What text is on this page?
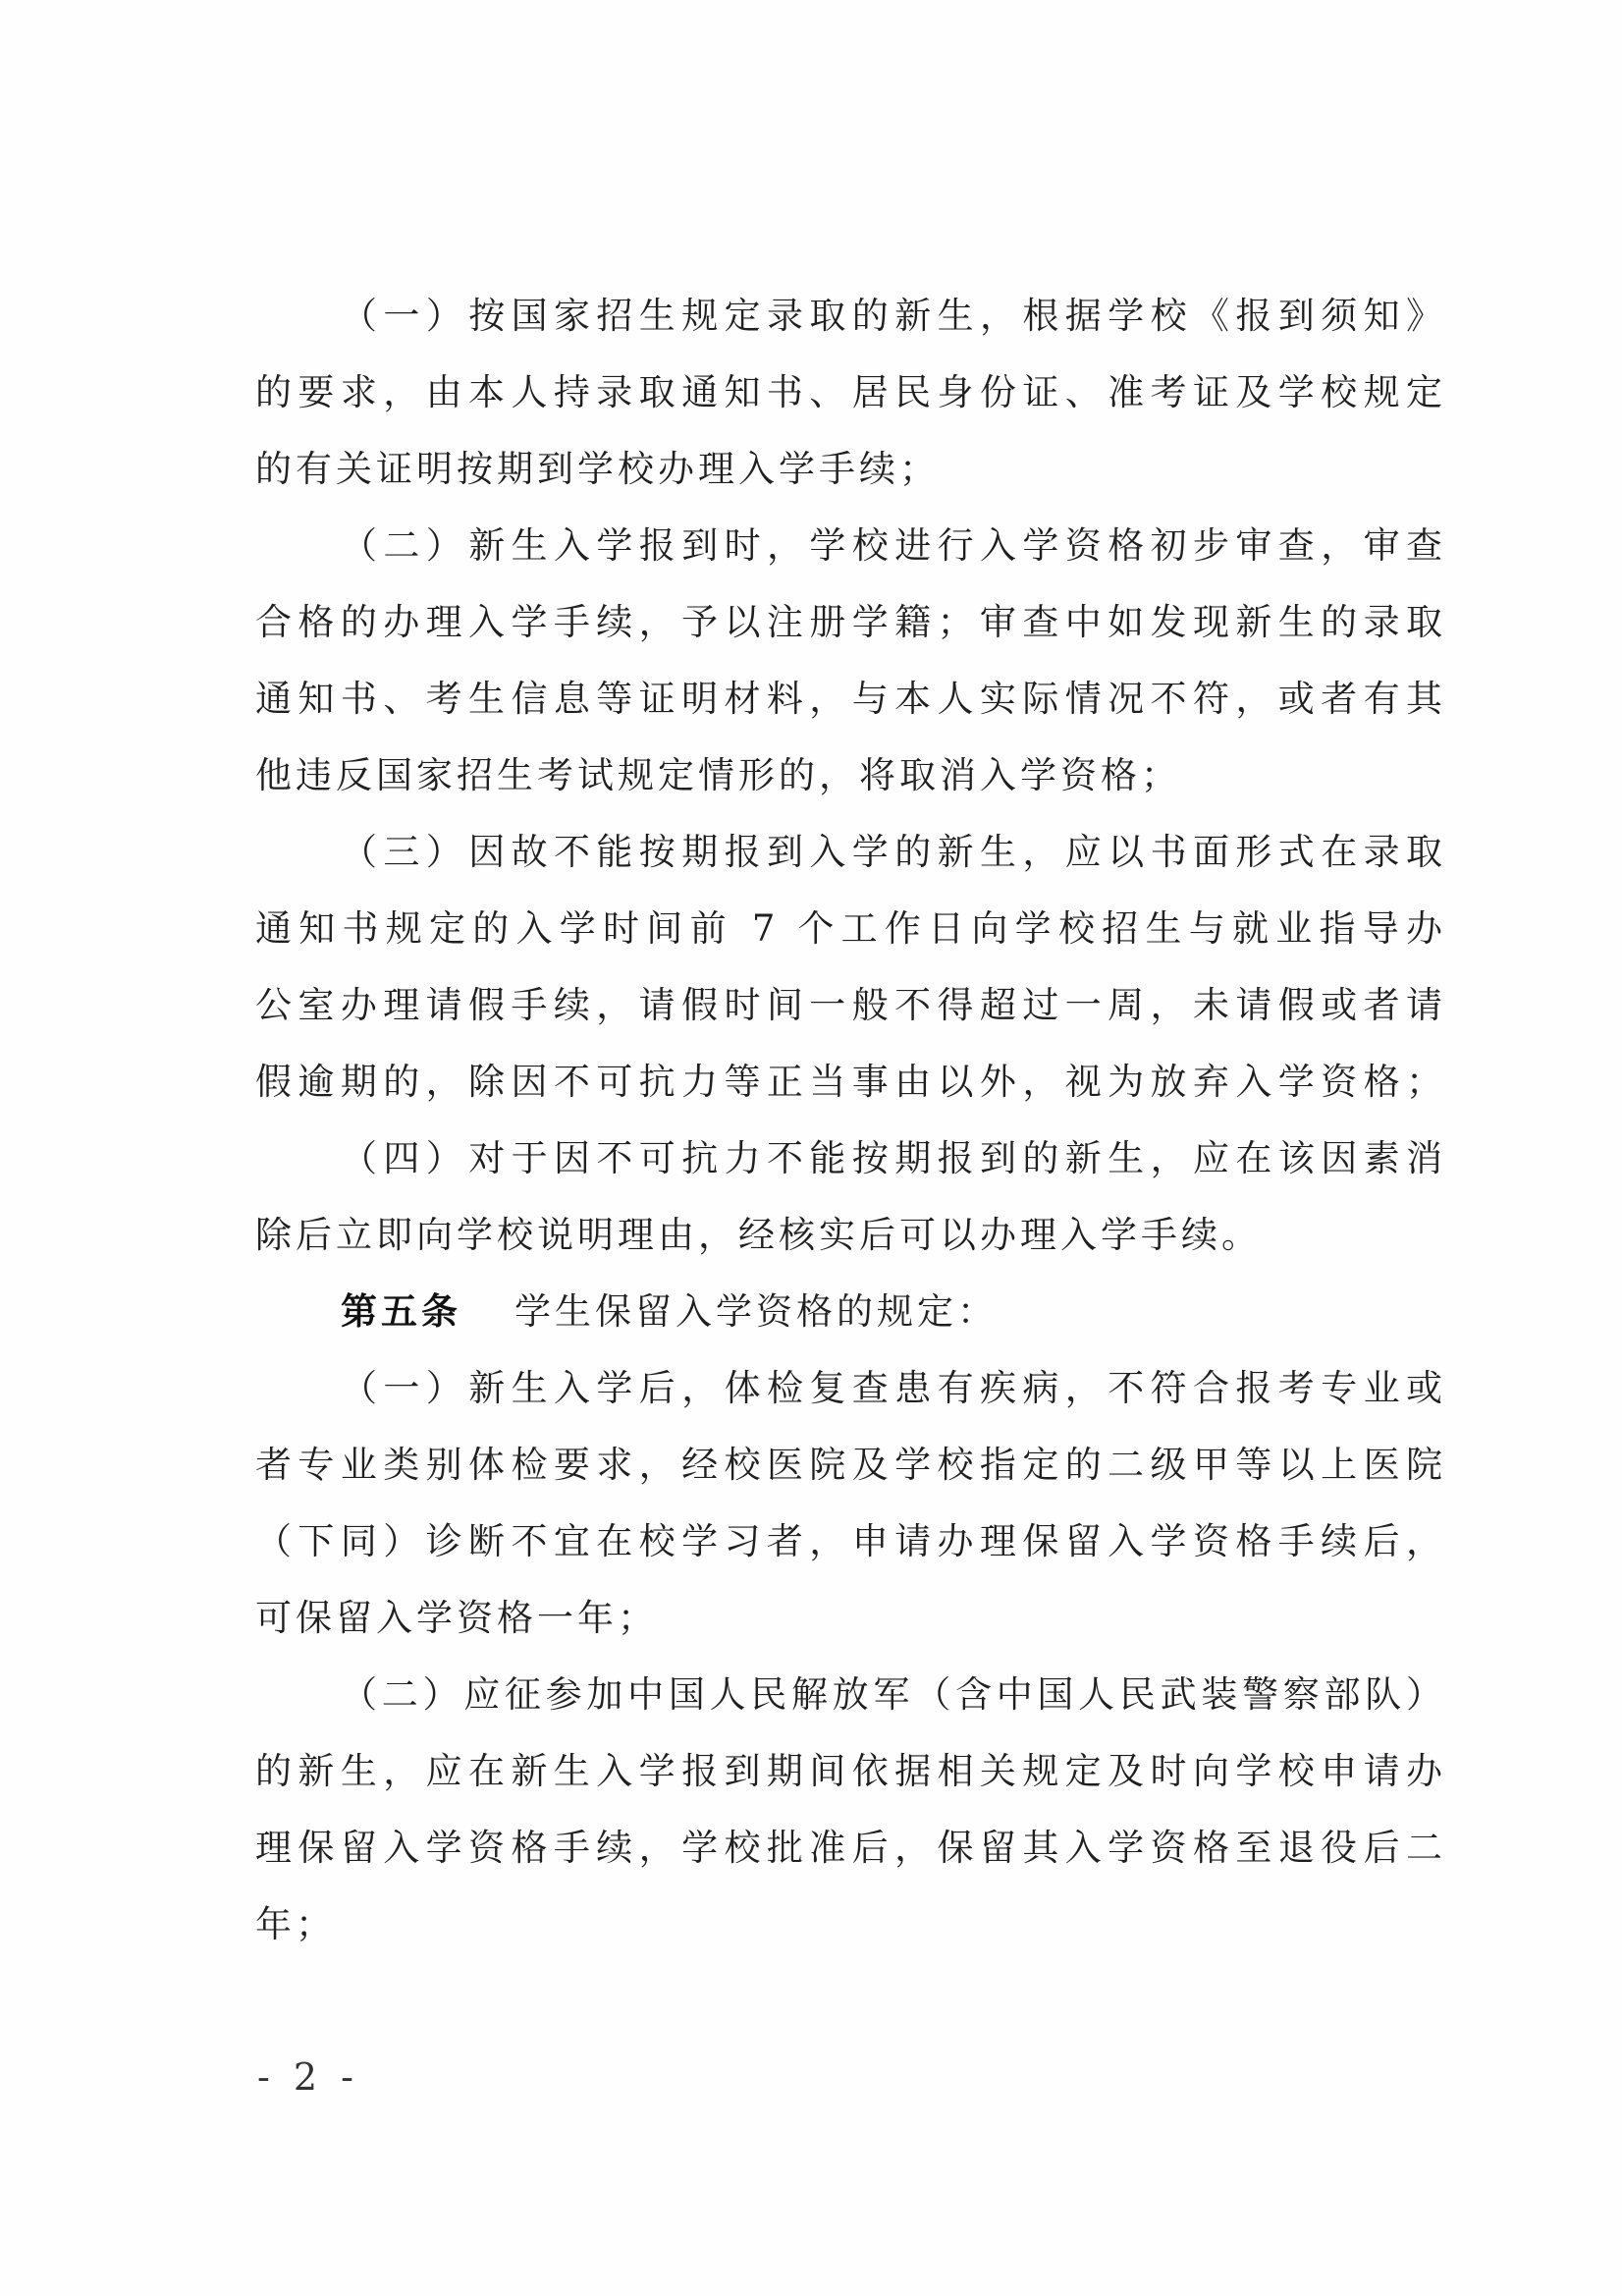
（一）按国家招生规定录取的新生，根据学校《报到须知》
的要求，由本人持录取通知书、居民身份证、准考证及学校规定
的有关证明按期到学校办理入学手续；
（二）新生入学报到时，学校进行入学资格初步审查，审查
合格的办理入学手续，予以注册学籍；审查中如发现新生的录取
通知书、考生信息等证明材料，与本人实际情况不符，或者有其
他违反国家招生考试规定情形的，将取消入学资格；
（三）因故不能按期报到入学的新生，应以书面形式在录取
通知书规定的入学时间前 7 个工作日向学校招生与就业指导办
公室办理请假手续，请假时间一般不得超过一周，未请假或者请
假逾期的，除因不可抗力等正当事由以外，视为放弃入学资格；
（四）对于因不可抗力不能按期报到的新生，应在该因素消
除后立即向学校说明理由，经核实后可以办理入学手续。
第五条 学生保留入学资格的规定：
（一）新生入学后，体检复查患有疾病，不符合报考专业或
者专业类别体检要求，经校医院及学校指定的二级甲等以上医院
（下同）诊断不宜在校学习者，申请办理保留入学资格手续后，
可保留入学资格一年；
（二）应征参加中国人民解放军（含中国人民武装警察部队）
的新生，应在新生入学报到期间依据相关规定及时向学校申请办
理保留入学资格手续，学校批准后，保留其入学资格至退役后二
年；
- 2 -
